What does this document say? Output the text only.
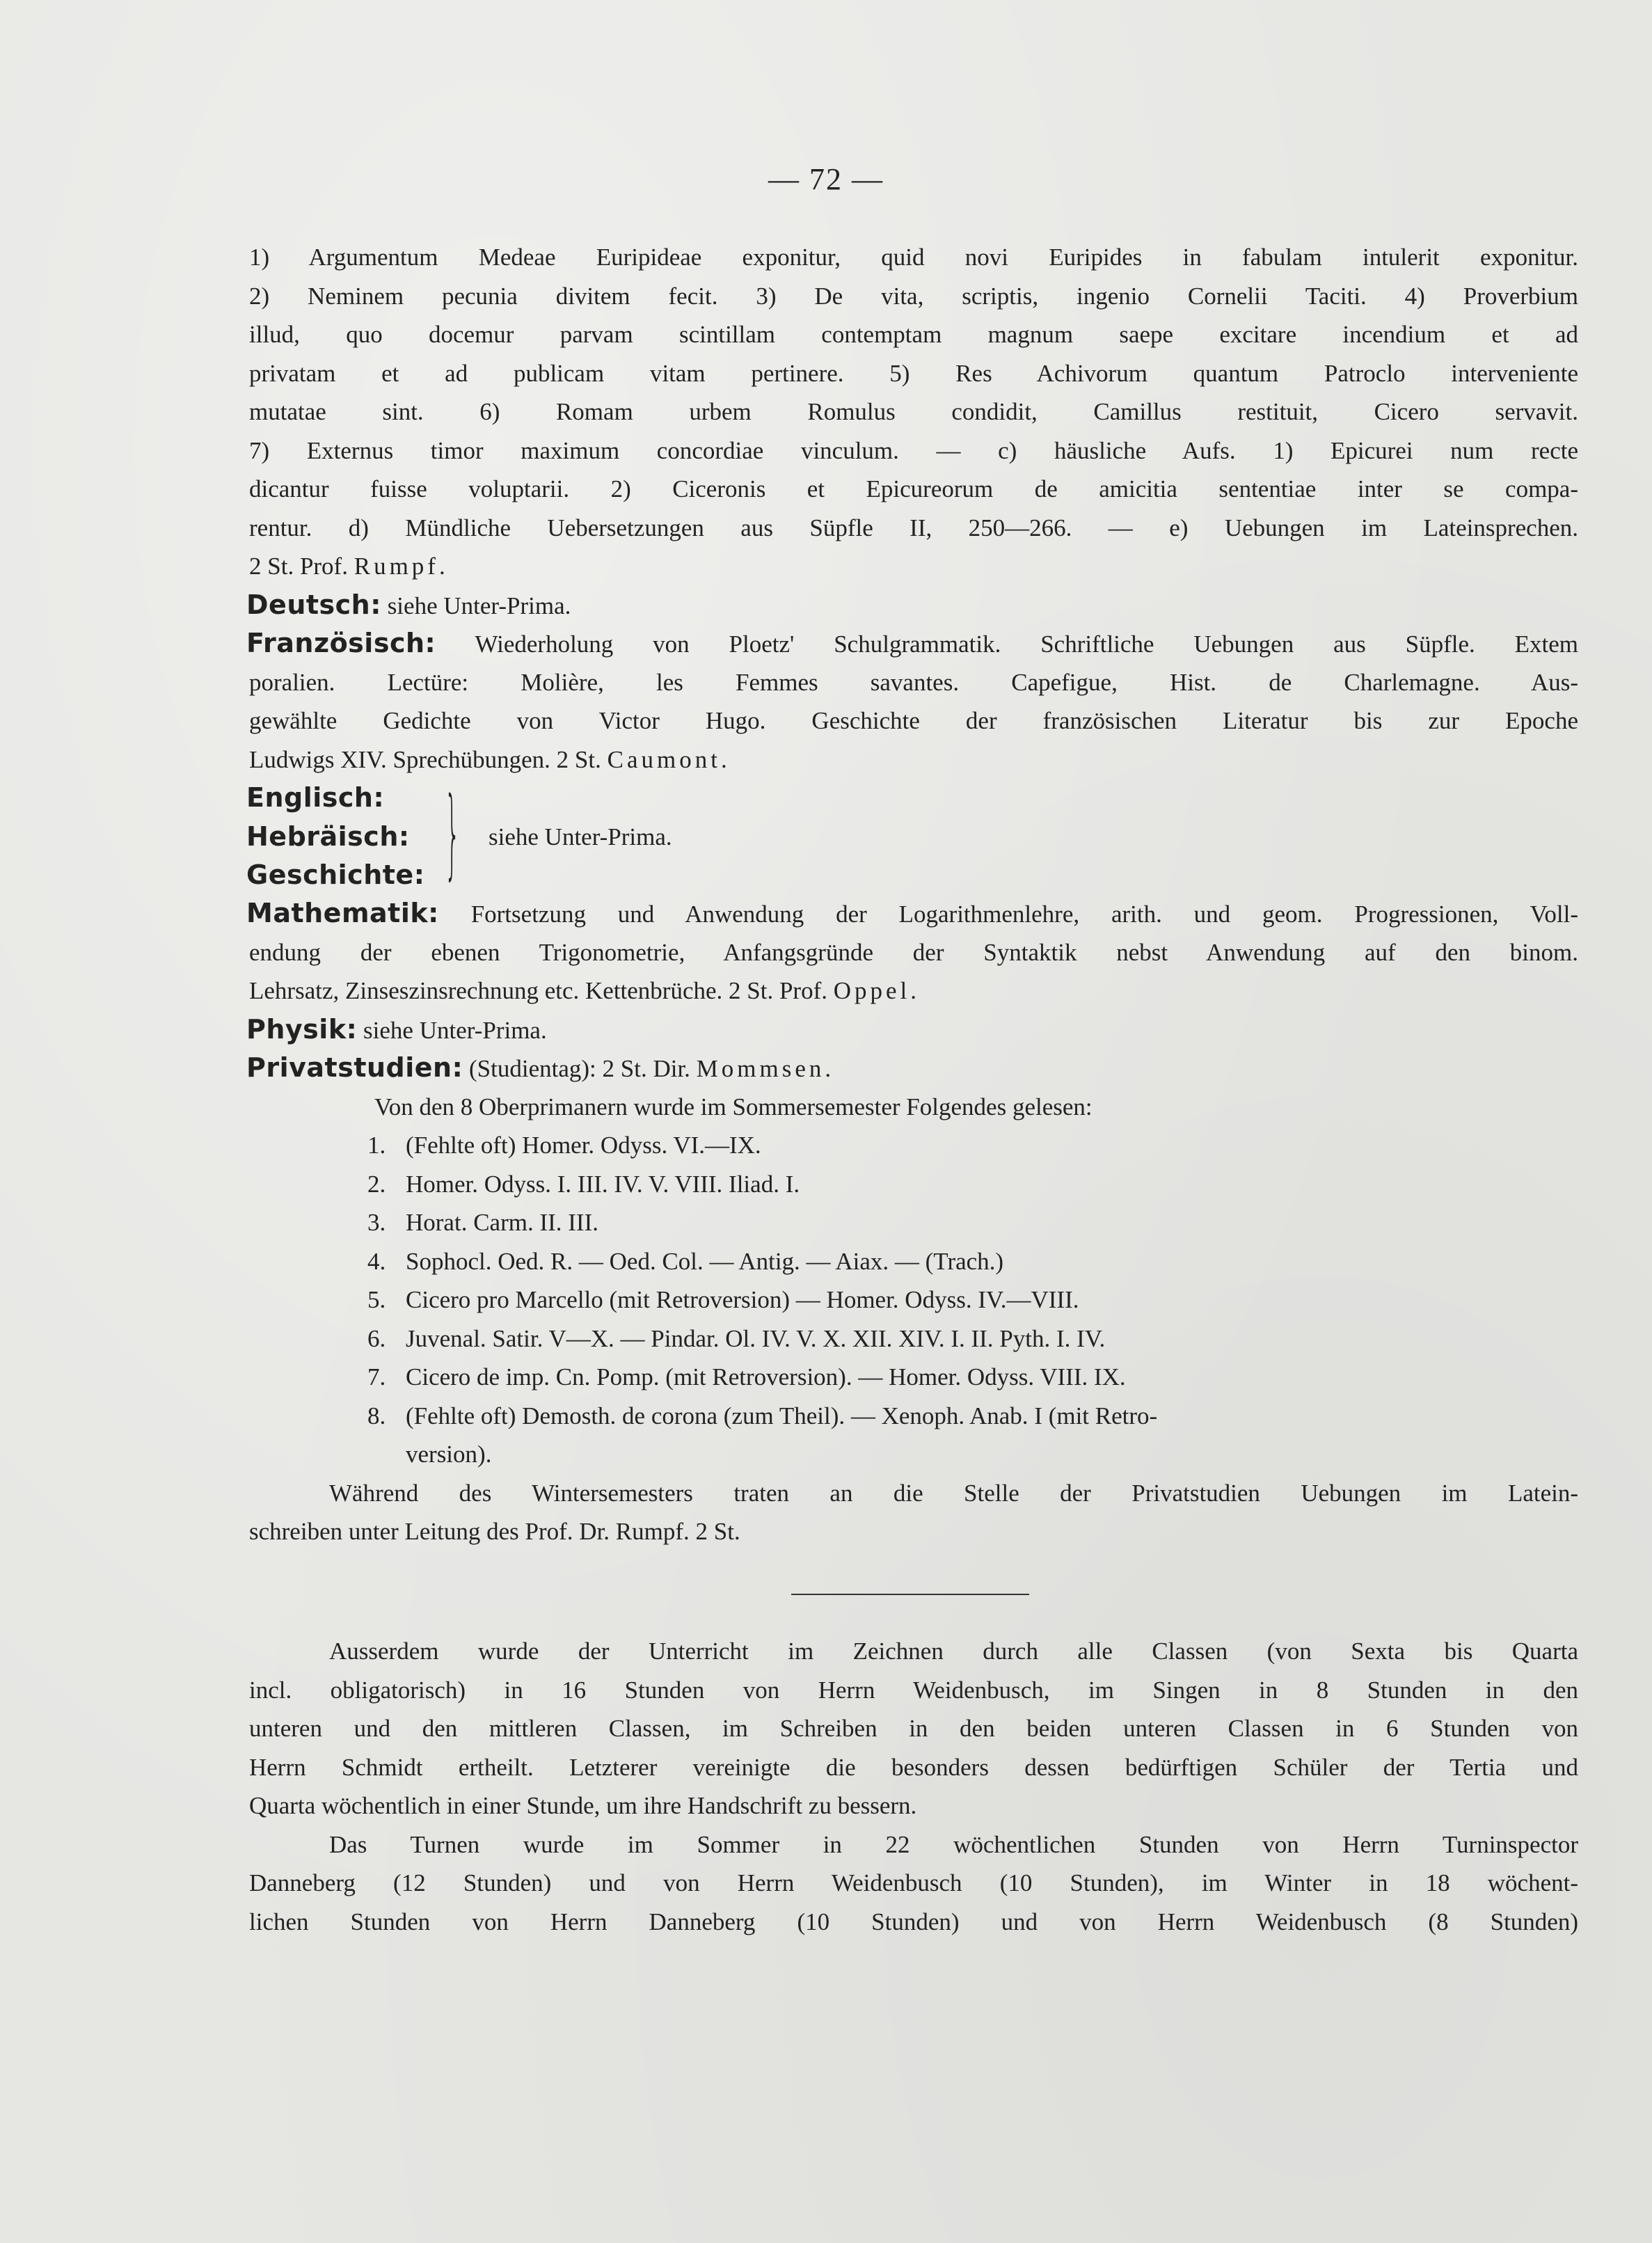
— 72 —
1) Argumentum Medeae Euripideae exponitur, quid novi Euripides in fabulam intulerit exponitur.
2) Neminem pecunia divitem fecit. 3) De vita, scriptis, ingenio Cornelii Taciti. 4) Proverbium
illud, quo docemur parvam scintillam contemptam magnum saepe excitare incendium et ad
privatam et ad publicam vitam pertinere. 5) Res Achivorum quantum Patroclo interveniente
mutatae sint. 6) Romam urbem Romulus condidit, Camillus restituit, Cicero servavit.
7) Externus timor maximum concordiae vinculum. — c) häusliche Aufs. 1) Epicurei num recte
dicantur fuisse voluptarii. 2) Ciceronis et Epicureorum de amicitia sententiae inter se compa-
rentur. d) Mündliche Uebersetzungen aus Süpfle II, 250—266. — e) Uebungen im Lateinsprechen.
2 St. Prof. Rumpf.
Deutsch: siehe Unter-Prima.
Französisch: Wiederholung von Ploetz' Schulgrammatik. Schriftliche Uebungen aus Süpfle. Extem
poralien. Lectüre: Molière, les Femmes savantes. Capefigue, Hist. de Charlemagne. Aus-
gewählte Gedichte von Victor Hugo. Geschichte der französischen Literatur bis zur Epoche
Ludwigs XIV. Sprechübungen. 2 St. Caumont.
Englisch:
Hebräisch:
Geschichte: } siehe Unter-Prima.
Mathematik: Fortsetzung und Anwendung der Logarithmenlehre, arith. und geom. Progressionen, Voll-
endung der ebenen Trigonometrie, Anfangsgründe der Syntaktik nebst Anwendung auf den binom.
Lehrsatz, Zinseszinsrechnung etc. Kettenbrüche. 2 St. Prof. Oppel.
Physik: siehe Unter-Prima.
Privatstudien: (Studientag): 2 St. Dir. Mommsen.
Von den 8 Oberprimanern wurde im Sommersemester Folgendes gelesen:
1. (Fehlte oft) Homer. Odyss. VI.—IX.
2. Homer. Odyss. I. III. IV. V. VIII. Iliad. I.
3. Horat. Carm. II. III.
4. Sophocl. Oed. R. — Oed. Col. — Antig. — Aiax. — (Trach.)
5. Cicero pro Marcello (mit Retroversion) — Homer. Odyss. IV.—VIII.
6. Juvenal. Satir. V—X. — Pindar. Ol. IV. V. X. XII. XIV. I. II. Pyth. I. IV.
7. Cicero de imp. Cn. Pomp. (mit Retroversion). — Homer. Odyss. VIII. IX.
8. (Fehlte oft) Demosth. de corona (zum Theil). — Xenoph. Anab. I (mit Retro-
version).
Während des Wintersemesters traten an die Stelle der Privatstudien Uebungen im Latein-
schreiben unter Leitung des Prof. Dr. Rumpf. 2 St.
Ausserdem wurde der Unterricht im Zeichnen durch alle Classen (von Sexta bis Quarta
incl. obligatorisch) in 16 Stunden von Herrn Weidenbusch, im Singen in 8 Stunden in den
unteren und den mittleren Classen, im Schreiben in den beiden unteren Classen in 6 Stunden von
Herrn Schmidt ertheilt. Letzterer vereinigte die besonders dessen bedürftigen Schüler der Tertia und
Quarta wöchentlich in einer Stunde, um ihre Handschrift zu bessern.
Das Turnen wurde im Sommer in 22 wöchentlichen Stunden von Herrn Turninspector
Danneberg (12 Stunden) und von Herrn Weidenbusch (10 Stunden), im Winter in 18 wöchent-
lichen Stunden von Herrn Danneberg (10 Stunden) und von Herrn Weidenbusch (8 Stunden)
